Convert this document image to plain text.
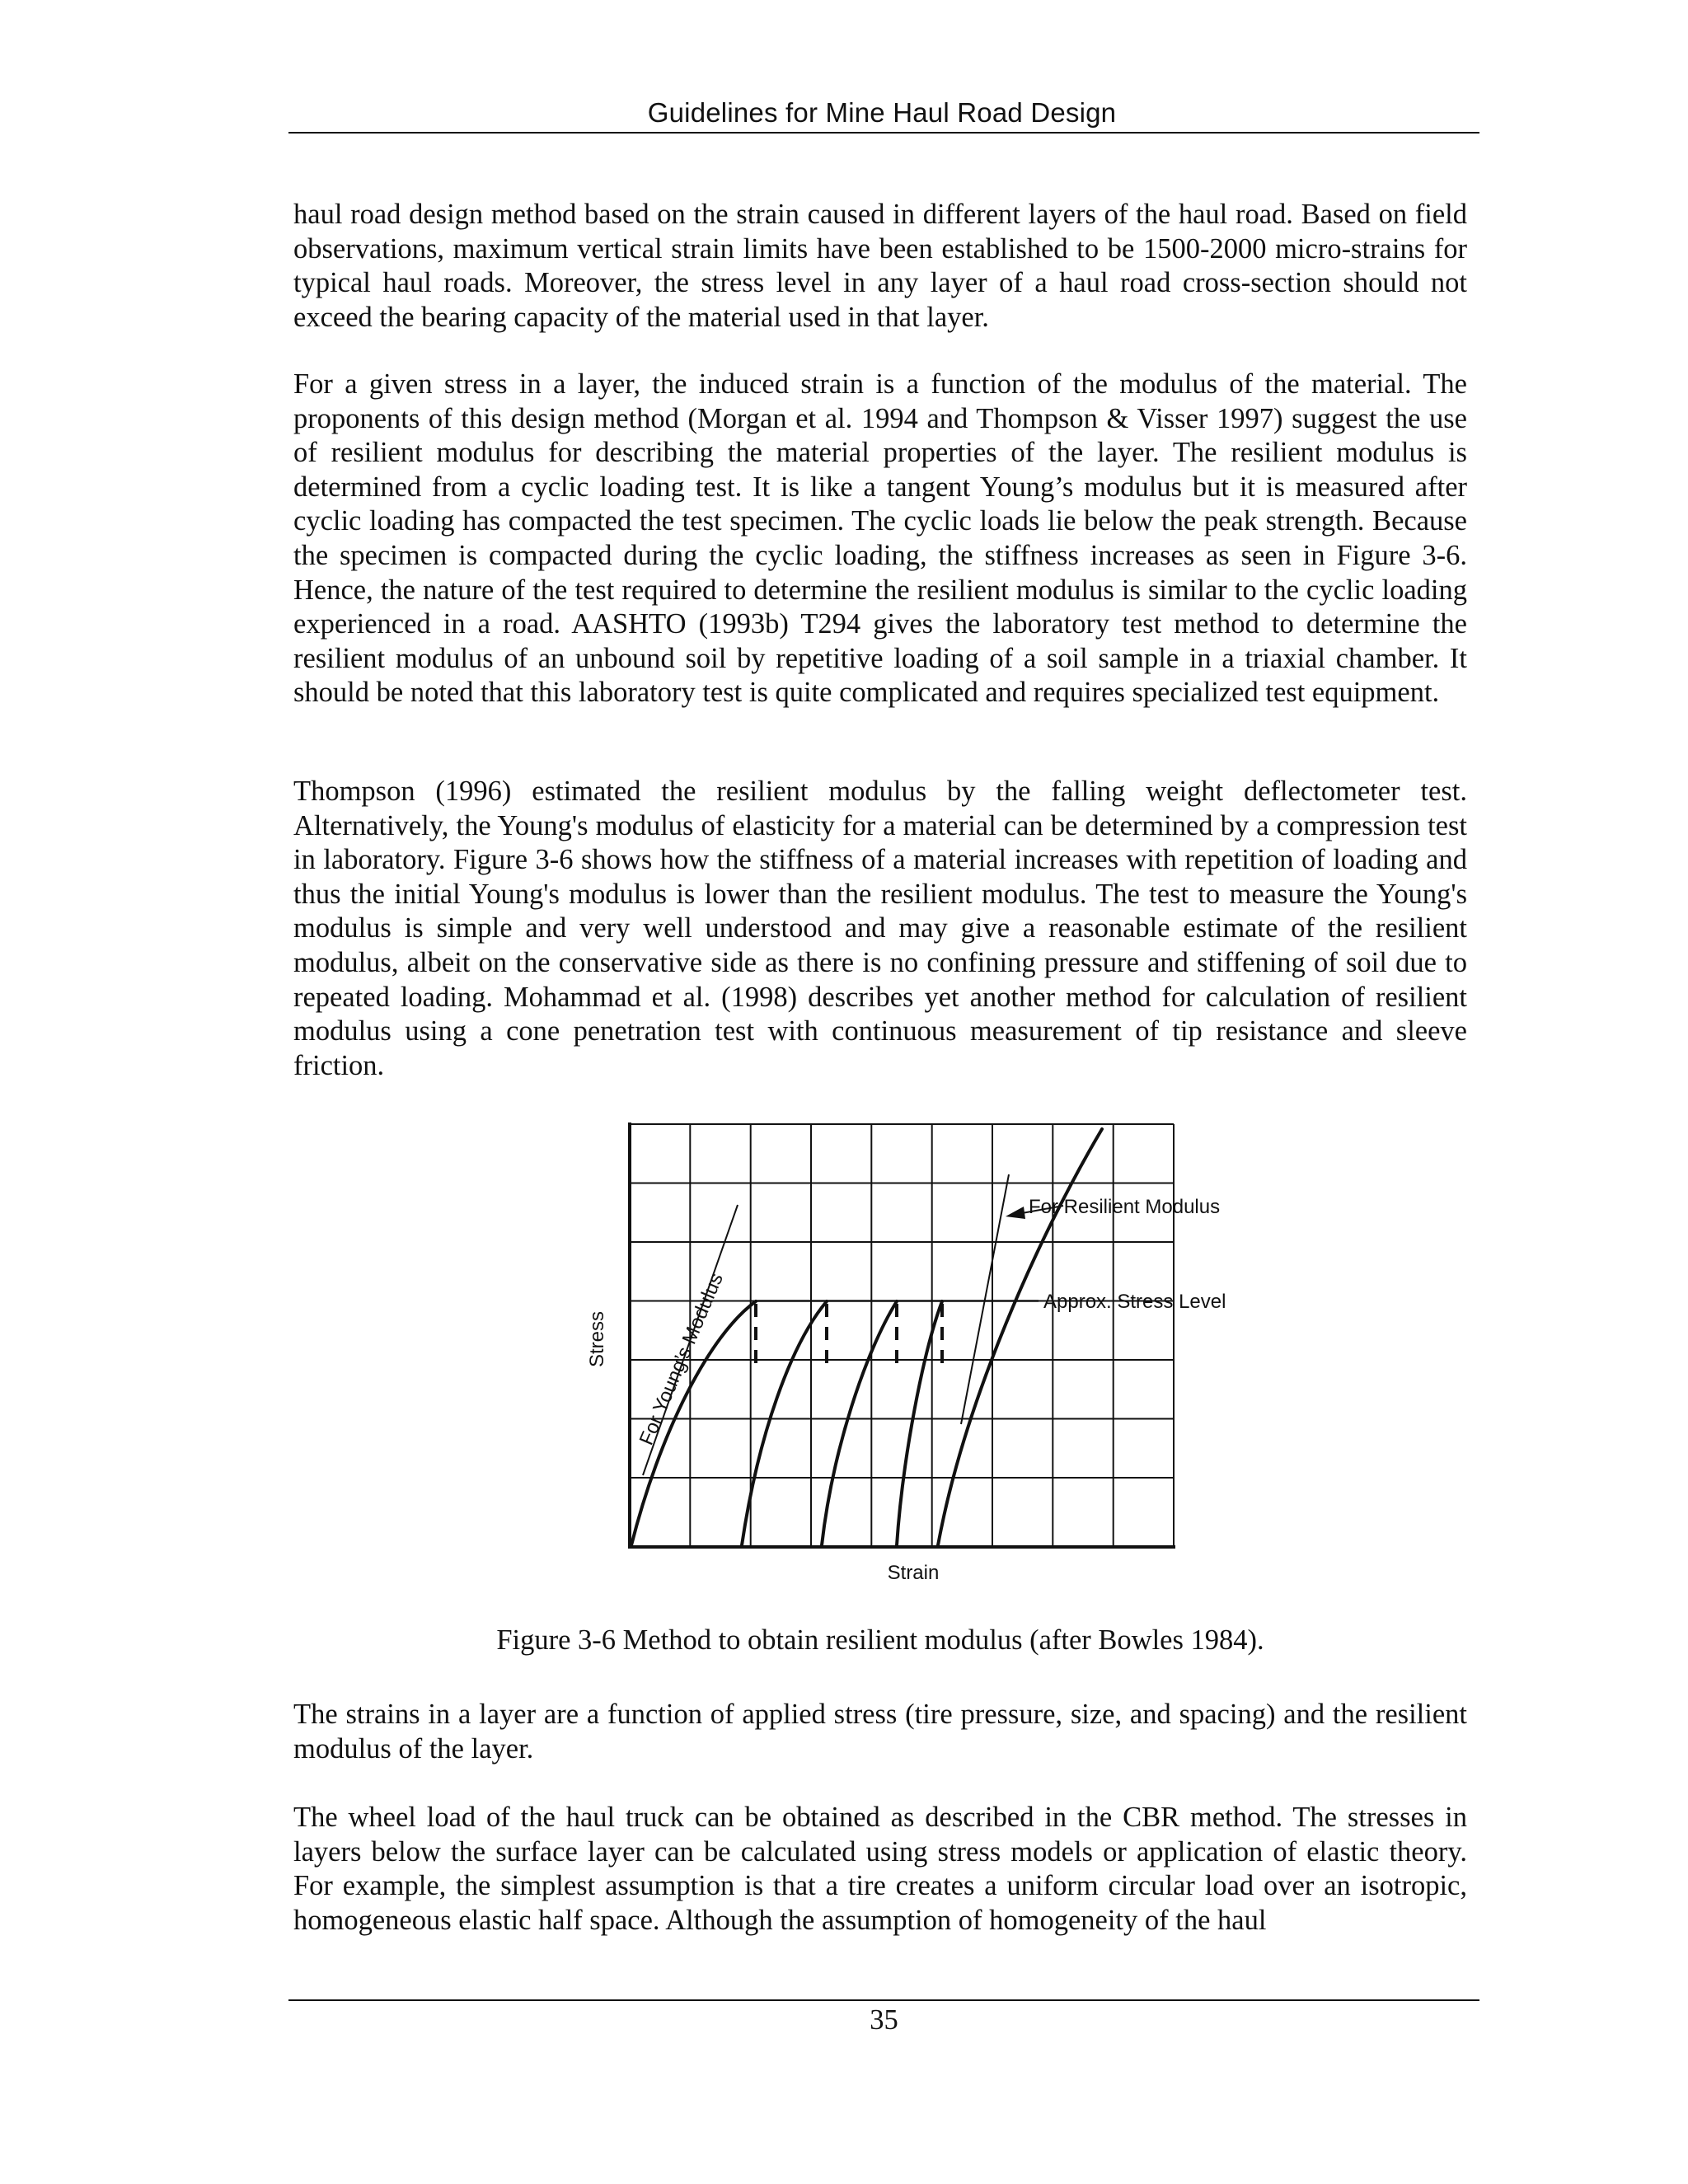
Guidelines for Mine Haul Road Design

haul road design method based on the strain caused in different layers of the haul road. Based on field observations, maximum vertical strain limits have been established to be 1500-2000 micro-strains for typical haul roads. Moreover, the stress level in any layer of a haul road cross-section should not exceed the bearing capacity of the material used in that layer.

For a given stress in a layer, the induced strain is a function of the modulus of the material. The proponents of this design method (Morgan et al. 1994 and Thompson & Visser 1997) suggest the use of resilient modulus for describing the material properties of the layer. The resilient modulus is determined from a cyclic loading test. It is like a tangent Young’s modulus but it is measured after cyclic loading has compacted the test specimen. The cyclic loads lie below the peak strength. Because the specimen is compacted during the cyclic loading, the stiffness increases as seen in Figure 3-6. Hence, the nature of the test required to determine the resilient modulus is similar to the cyclic loading experienced in a road. AASHTO (1993b) T294 gives the laboratory test method to determine the resilient modulus of an unbound soil by repetitive loading of a soil sample in a triaxial chamber. It should be noted that this laboratory test is quite complicated and requires specialized test equipment.

Thompson (1996) estimated the resilient modulus by the falling weight deflectometer test. Alternatively, the Young's modulus of elasticity for a material can be determined by a compression test in laboratory. Figure 3-6 shows how the stiffness of a material increases with repetition of loading and thus the initial Young's modulus is lower than the resilient modulus. The test to measure the Young's modulus is simple and very well understood and may give a reasonable estimate of the resilient modulus, albeit on the conservative side as there is no confining pressure and stiffening of soil due to repeated loading. Mohammad et al. (1998) describes yet another method for calculation of resilient modulus using a cone penetration test with continuous measurement of tip resistance and sleeve friction.

For Resilient Modulus
Approx. Stress Level
For Young’s Modulus
Stress
Strain
Figure 3-6 Method to obtain resilient modulus (after Bowles 1984).

The strains in a layer are a function of applied stress (tire pressure, size, and spacing) and the resilient modulus of the layer.

The wheel load of the haul truck can be obtained as described in the CBR method. The stresses in layers below the surface layer can be calculated using stress models or application of elastic theory. For example, the simplest assumption is that a tire creates a uniform circular load over an isotropic, homogeneous elastic half space. Although the assumption of homogeneity of the haul

35
